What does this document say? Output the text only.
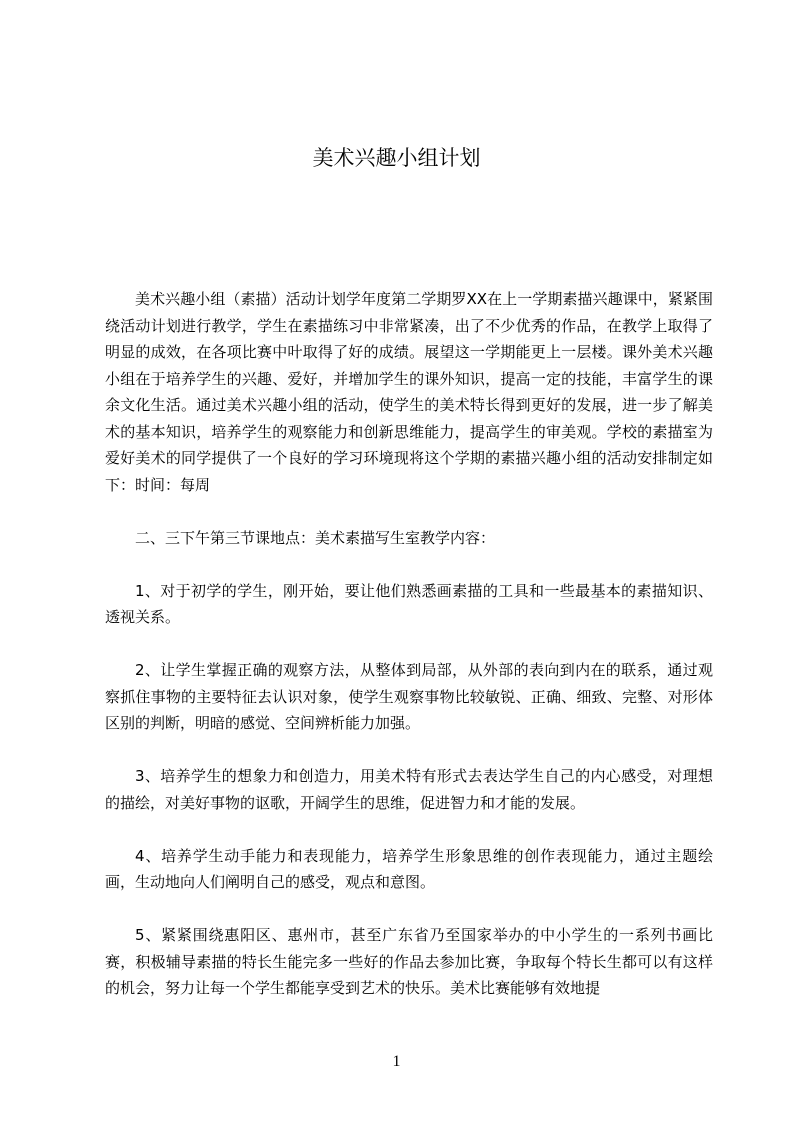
美术兴趣小组计划

美术兴趣小组（素描）活动计划学年度第二学期罗XX在上一学期素描兴趣课中，紧紧围绕活动计划进行教学，学生在素描练习中非常紧凑，出了不少优秀的作品，在教学上取得了明显的成效，在各项比赛中叶取得了好的成绩。展望这一学期能更上一层楼。课外美术兴趣小组在于培养学生的兴趣、爱好，并增加学生的课外知识，提高一定的技能，丰富学生的课余文化生活。通过美术兴趣小组的活动，使学生的美术特长得到更好的发展，进一步了解美术的基本知识，培养学生的观察能力和创新思维能力，提高学生的审美观。学校的素描室为爱好美术的同学提供了一个良好的学习环境现将这个学期的素描兴趣小组的活动安排制定如下：时间：每周

二、三下午第三节课地点：美术素描写生室教学内容：

1、对于初学的学生，刚开始，要让他们熟悉画素描的工具和一些最基本的素描知识、透视关系。

2、让学生掌握正确的观察方法，从整体到局部，从外部的表向到内在的联系，通过观察抓住事物的主要特征去认识对象，使学生观察事物比较敏锐、正确、细致、完整、对形体区别的判断，明暗的感觉、空间辨析能力加强。

3、培养学生的想象力和创造力，用美术特有形式去表达学生自己的内心感受，对理想的描绘，对美好事物的讴歌，开阔学生的思维，促进智力和才能的发展。

4、培养学生动手能力和表现能力，培养学生形象思维的创作表现能力，通过主题绘画，生动地向人们阐明自己的感受，观点和意图。

5、紧紧围绕惠阳区、惠州市，甚至广东省乃至国家举办的中小学生的一系列书画比赛，积极辅导素描的特长生能完多一些好的作品去参加比赛，争取每个特长生都可以有这样的机会，努力让每一个学生都能享受到艺术的快乐。美术比赛能够有效地提

1
